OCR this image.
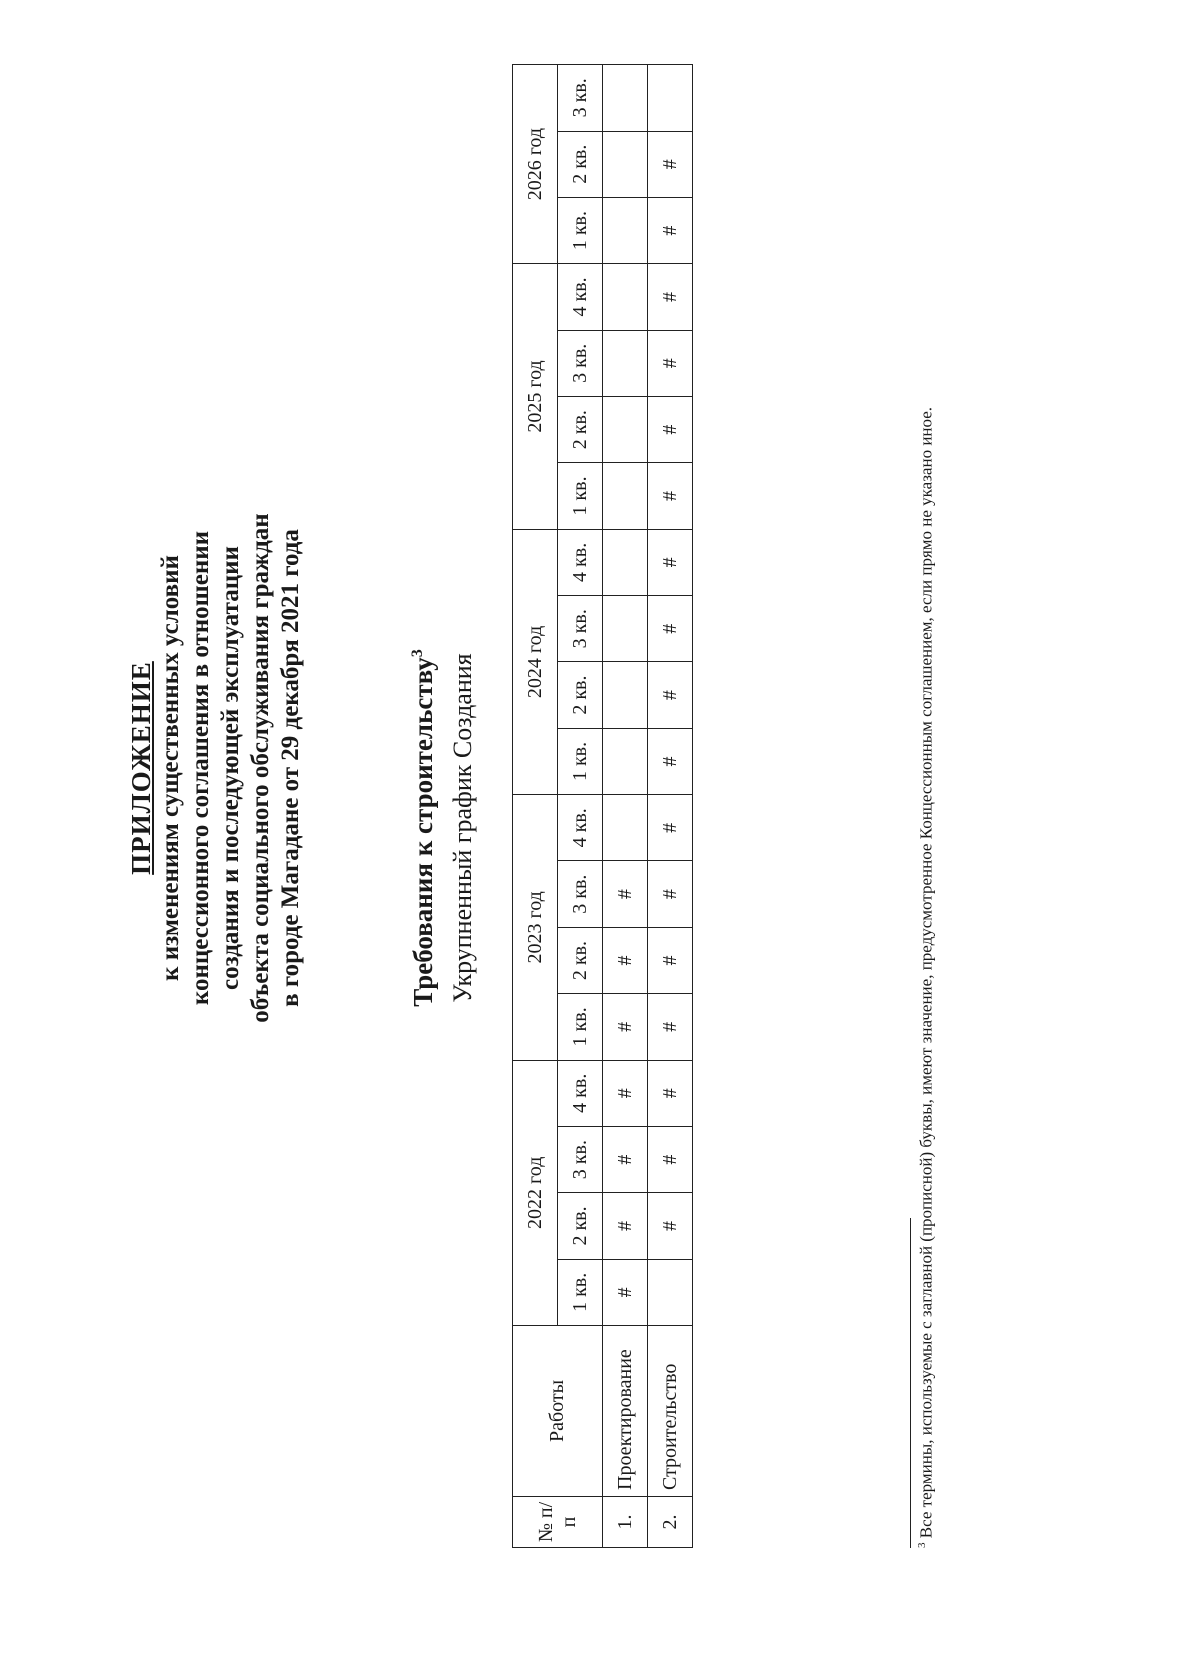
ПРИЛОЖЕНИЕ к изменениям существенных условий концессионного соглашения в отношении создания и последующей эксплуатации объекта социального обслуживания граждан в городе Магадане от 29 декабря 2021 года	Требования к строительству$^3$
Укрупненный график Создания
№ п/п	Работы	2022 год				2023 год				2024 год				2025 год				2026 год		
		1 кв.	2 кв.	3 кв.	4 кв.	1 кв.	2 кв.	3 кв.	4 кв.	1 кв.	2 кв.	3 кв.	4 кв.	1 кв.	2 кв.	3 кв.	4 кв.	1 кв.	2 кв.	3 кв.
1.	Проектирование	#	#	#	#	#	#	#												
2.	Строительство		#	#	#	#	#	#	#	#	#	#	#	#	#	#	#	#	#	
$^3$ Все термины, используемые с заглавной (прописной) буквы, имеют значение, предусмотренное Концессионным соглашением, если прямо не указано иное.
